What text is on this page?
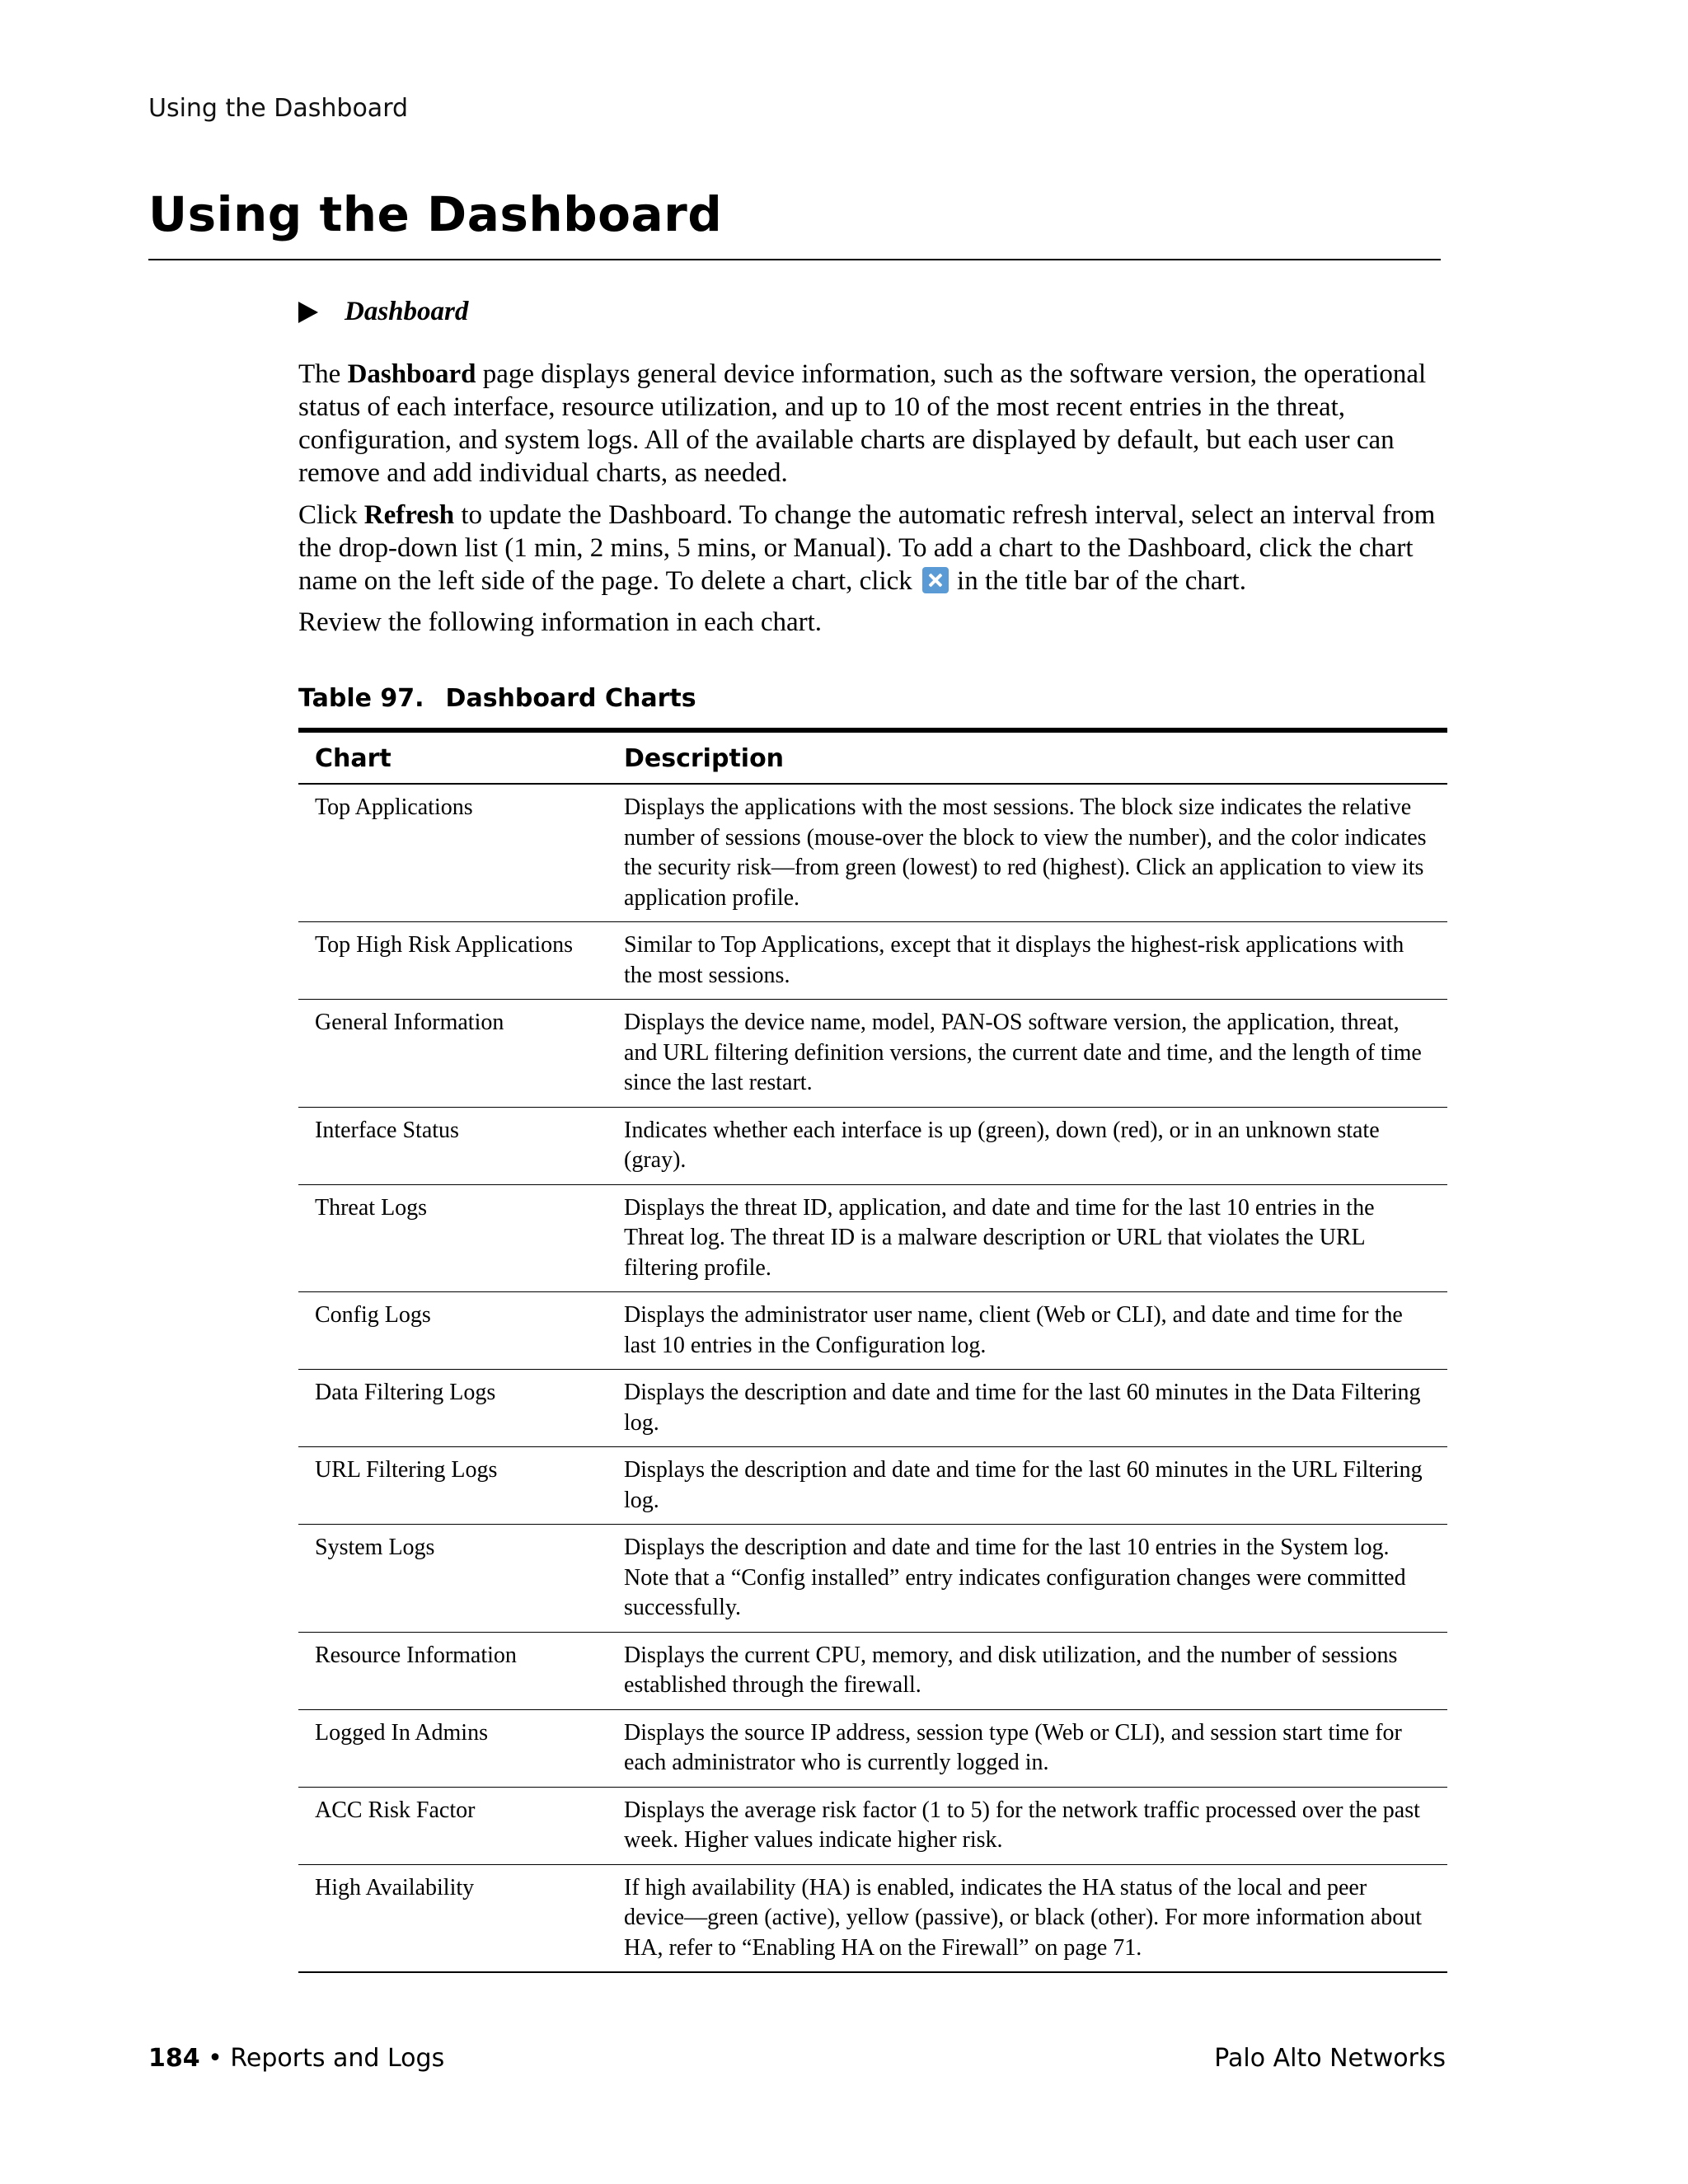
Using the Dashboard
Using the Dashboard
Dashboard

The Dashboard page displays general device information, such as the software version, the operational status of each interface, resource utilization, and up to 10 of the most recent entries in the threat, configuration, and system logs. All of the available charts are displayed by default, but each user can remove and add individual charts, as needed.

Click Refresh to update the Dashboard. To change the automatic refresh interval, select an interval from the drop-down list (1 min, 2 mins, 5 mins, or Manual). To add a chart to the Dashboard, click the chart name on the left side of the page. To delete a chart, click in the title bar of the chart.

Review the following information in each chart.

Table 97. Dashboard Charts
Chart	Description
Top Applications	Displays the applications with the most sessions. The block size indicates the relative number of sessions (mouse-over the block to view the number), and the color indicates the security risk—from green (lowest) to red (highest). Click an application to view its application profile.
Top High Risk Applications	Similar to Top Applications, except that it displays the highest-risk applications with the most sessions.
General Information	Displays the device name, model, PAN-OS software version, the application, threat, and URL filtering definition versions, the current date and time, and the length of time since the last restart.
Interface Status	Indicates whether each interface is up (green), down (red), or in an unknown state (gray).
Threat Logs	Displays the threat ID, application, and date and time for the last 10 entries in the Threat log. The threat ID is a malware description or URL that violates the URL filtering profile.
Config Logs	Displays the administrator user name, client (Web or CLI), and date and time for the last 10 entries in the Configuration log.
Data Filtering Logs	Displays the description and date and time for the last 60 minutes in the Data Filtering log.
URL Filtering Logs	Displays the description and date and time for the last 60 minutes in the URL Filtering log.
System Logs	Displays the description and date and time for the last 10 entries in the System log. Note that a “Config installed” entry indicates configuration changes were committed successfully.
Resource Information	Displays the current CPU, memory, and disk utilization, and the number of sessions established through the firewall.
Logged In Admins	Displays the source IP address, session type (Web or CLI), and session start time for each administrator who is currently logged in.
ACC Risk Factor	Displays the average risk factor (1 to 5) for the network traffic processed over the past week. Higher values indicate higher risk.
High Availability	If high availability (HA) is enabled, indicates the HA status of the local and peer device—green (active), yellow (passive), or black (other). For more information about HA, refer to “Enabling HA on the Firewall” on page 71.
184 • Reports and Logs	Palo Alto Networks
